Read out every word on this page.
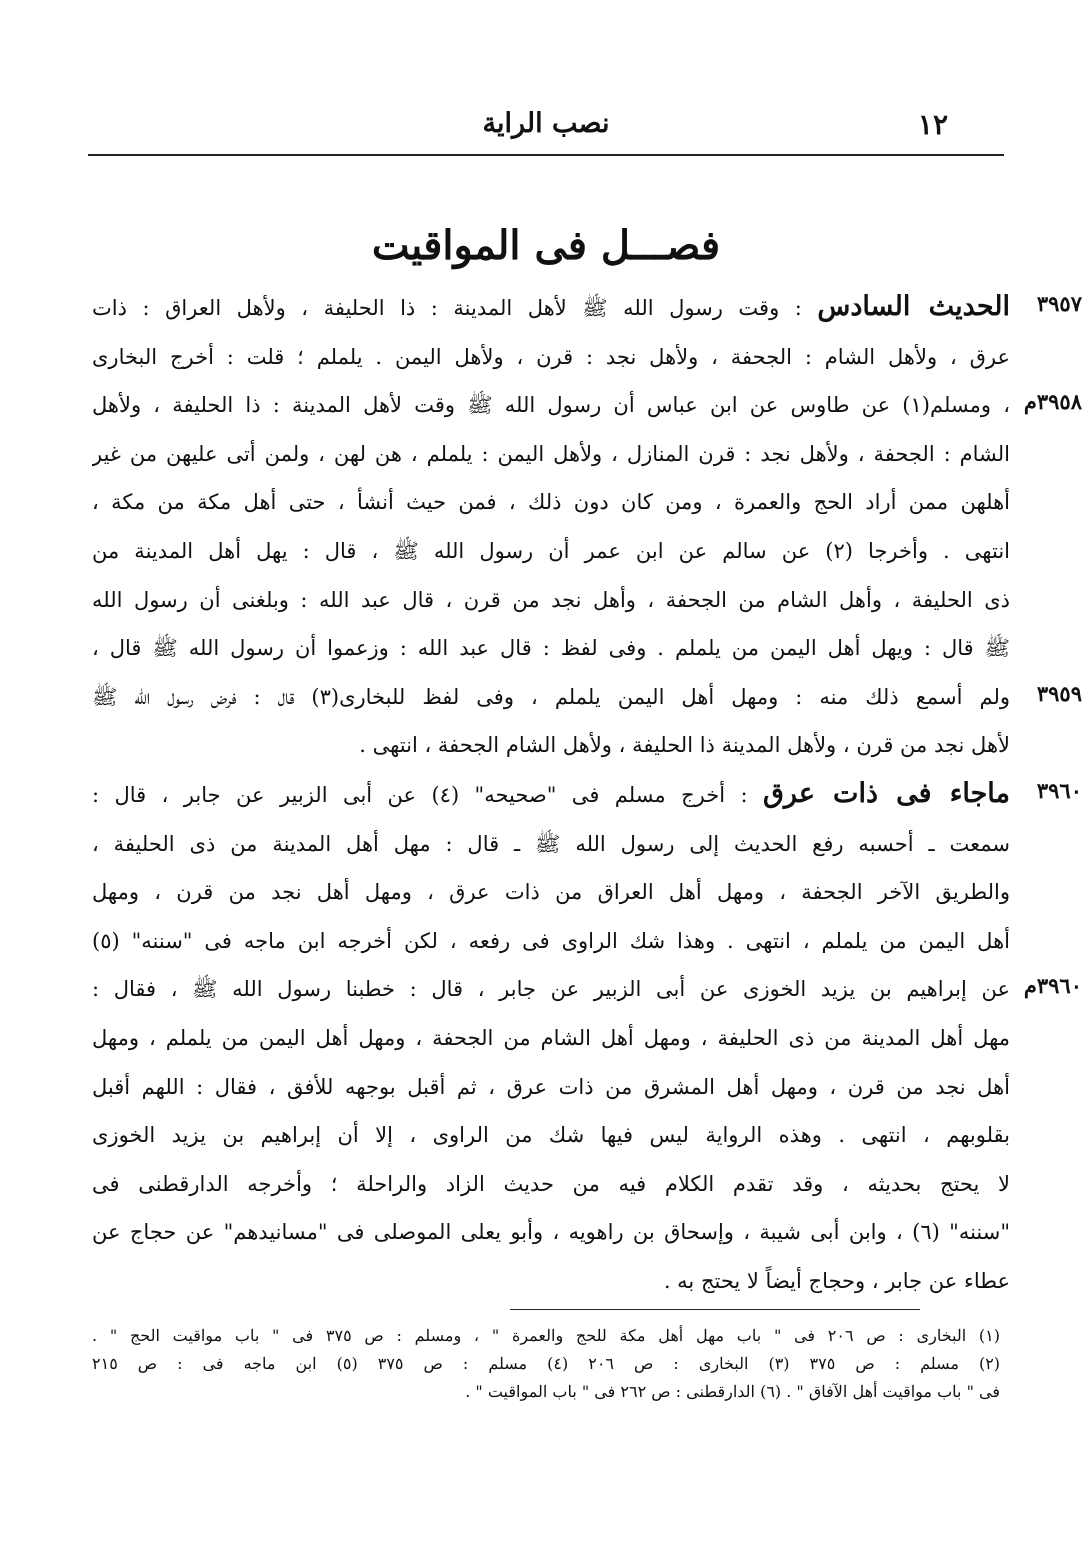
نصب الراية	١٢
فصـــل فى المواقيت
٣٩٥٧
الحديث السادس : وقت رسول الله ﷺ لأهل المدينة : ذا الحليفة ، ولأهل العراق : ذات
عرق ، ولأهل الشام : الجحفة ، ولأهل نجد : قرن ، ولأهل اليمن . يلملم ؛ قلت : أخرج البخارى
٣٩٥٨م
، ومسلم(١) عن طاوس عن ابن عباس أن رسول الله ﷺ وقت لأهل المدينة : ذا الحليفة ، ولأهل
الشام : الجحفة ، ولأهل نجد : قرن المنازل ، ولأهل اليمن : يلملم ، هن لهن ، ولمن أتى عليهن من غير
أهلهن ممن أراد الحج والعمرة ، ومن كان دون ذلك ، فمن حيث أنشأ ، حتى أهل مكة من مكة ،
انتهى . وأخرجا (٢) عن سالم عن ابن عمر أن رسول الله ﷺ ، قال : يهل أهل المدينة من
ذى الحليفة ، وأهل الشام من الجحفة ، وأهل نجد من قرن ، قال عبد الله : وبلغنى أن رسول الله
ﷺ قال : ويهل أهل اليمن من يلملم . وفى لفظ : قال عبد الله : وزعموا أن رسول الله ﷺ قال ،
٣٩٥٩
ولم أسمع ذلك منه : ومهل أهل اليمن يلملم ، وفى لفظ للبخارى(٣) قال : فرض رسول الله ﷺ
لأهل نجد من قرن ، ولأهل المدينة ذا الحليفة ، ولأهل الشام الجحفة ، انتهى .
٣٩٦٠
ماجاء فى ذات عرق : أخرج مسلم فى "صحيحه" (٤) عن أبى الزبير عن جابر ، قال :
سمعت ـ أحسبه رفع الحديث إلى رسول الله ﷺ ـ قال : مهل أهل المدينة من ذى الحليفة ،
والطريق الآخر الجحفة ، ومهل أهل العراق من ذات عرق ، ومهل أهل نجد من قرن ، ومهل
أهل اليمن من يلملم ، انتهى . وهذا شك الراوى فى رفعه ، لكن أخرجه ابن ماجه فى "سننه" (٥)
٣٩٦٠م
عن إبراهيم بن يزيد الخوزى عن أبى الزبير عن جابر ، قال : خطبنا رسول الله ﷺ ، فقال :
مهل أهل المدينة من ذى الحليفة ، ومهل أهل الشام من الجحفة ، ومهل أهل اليمن من يلملم ، ومهل
أهل نجد من قرن ، ومهل أهل المشرق من ذات عرق ، ثم أقبل بوجهه للأفق ، فقال : اللهم أقبل
بقلوبهم ، انتهى . وهذه الرواية ليس فيها شك من الراوى ، إلا أن إبراهيم بن يزيد الخوزى
لا يحتج بحديثه ، وقد تقدم الكلام فيه من حديث الزاد والراحلة ؛ وأخرجه الدارقطنى فى
"سننه" (٦) ، وابن أبى شيبة ، وإسحاق بن راهويه ، وأبو يعلى الموصلى فى "مسانيدهم" عن حجاج عن
عطاء عن جابر ، وحجاج أيضاً لا يحتج به .
(١) البخارى : ص ٢٠٦ فى " باب مهل أهل مكة للحج والعمرة " ، ومسلم : ص ٣٧٥ فى " باب مواقيت الحج " .
(٢) مسلم : ص ٣٧٥ (٣) البخارى : ص ٢٠٦ (٤) مسلم : ص ٣٧٥ (٥) ابن ماجه فى : ص ٢١٥
فى " باب مواقيت أهل الآفاق " . (٦) الدارقطنى : ص ٢٦٢ فى " باب المواقيت " .
